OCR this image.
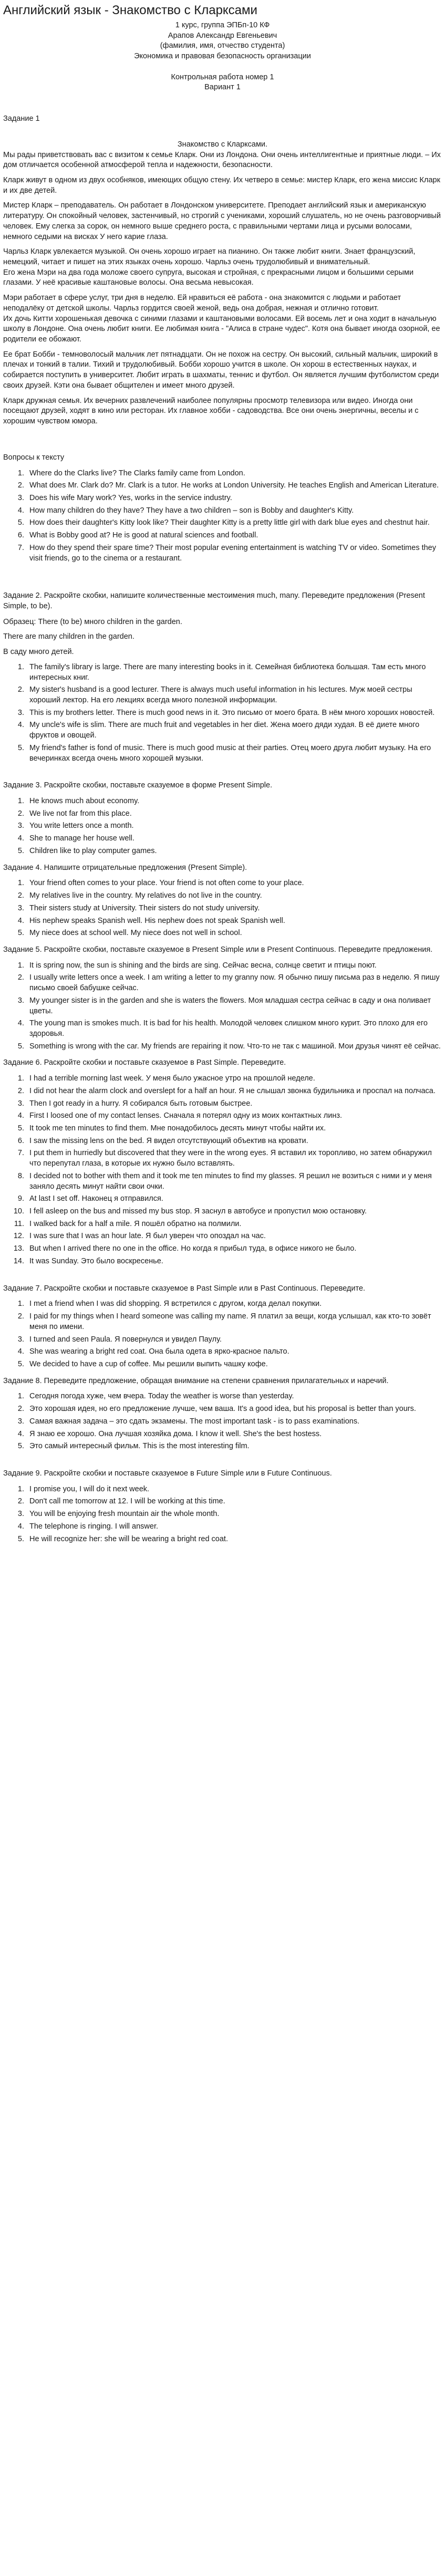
Английский язык - Знакомство с Кларксами

1 курс, группа ЭПБп-10 КФ

Арапов Александр Евгеньевич

(фамилия, имя, отчество студента)

Экономика и правовая безопасность организации

Контрольная работа номер 1

Вариант 1

Задание 1

Знакомство с Кларксами.

Мы рады приветствовать вас с визитом к семье Кларк. Они из Лондона. Они очень интеллигентные и приятные люди. – Их дом отличается особенной атмосферой тепла и надежности, безопасности.

Кларк живут в одном из двух особняков, имеющих общую стену. Их четверо в семье: мистер Кларк, его жена миссис Кларк и их две детей.

Мистер Кларк – преподаватель. Он работает в Лондонском университете. Преподает английский язык и американскую литературу. Он спокойный человек, застенчивый, но строгий с учениками, хороший слушатель, но не очень разговорчивый человек. Ему слегка за сорок, он немного выше среднего роста, с правильными чертами лица и русыми волосами, немного седыми на висках У него карие глаза.

Чарльз Кларк увлекается музыкой. Он очень хорошо играет на пианино. Он также любит книги. Знает французский, немецкий, читает и пишет на этих языках очень хорошо. Чарльз очень трудолюбивый и внимательный.
Его жена Мэри на два года моложе своего супруга, высокая и стройная, с прекрасными лицом и большими серыми глазами. У неё красивые каштановые волосы. Она весьма невысокая.

Мэри работает в сфере услуг, три дня в неделю. Ей нравиться её работа - она знакомится с людьми и работает неподалёку от детской школы. Чарльз гордится своей женой, ведь она добрая, нежная и отлично готовит.
Их дочь Китти хорошенькая девочка с синими глазами и каштановыми волосами. Ей восемь лет и она ходит в начальную школу в Лондоне. Она очень любит книги. Ее любимая книга - "Алиса в стране чудес". Котя она бывает иногда озорной, ее родители ее обожают.

Ее брат Бобби - темноволосый мальчик лет пятнадцати. Он не похож на сестру. Он высокий, сильный мальчик, широкий в плечах и тонкий в талии. Тихий и трудолюбивый. Бобби хорошо учится в школе. Он хорош в естественных науках, и собирается поступить в университет. Любит играть в шахматы, теннис и футбол. Он является лучшим футболистом среди своих друзей. Кэти она бывает общителен и имеет много друзей.

Кларк дружная семья. Их вечерних развлечений наиболее популярны просмотр телевизора или видео. Иногда они посещают друзей, ходят в кино или ресторан. Их главное хобби - садоводства. Все они очень энергичны, веселы и с хорошим чувством юмора.

Вопросы к тексту

1. Where do the Clarks live? The Clarks family came from London.
2. What does Mr. Clark do? Mr. Clark is a tutor. He works at London University. He teaches English and American Literature.
3. Does his wife Mary work? Yes, works in the service industry.
4. How many children do they have? They have a two children – son is Bobby and daughter's Kitty.
5. How does their daughter's Kitty look like? Their daughter Kitty is a pretty little girl with dark blue eyes and chestnut hair.
6. What is Bobby good at? He is good at natural sciences and football.
7. How do they spend their spare time? Their most popular evening entertainment is watching TV or video. Sometimes they visit friends, go to the cinema or a restaurant.

Задание 2. Раскройте скобки, напишите количественные местоимения much, many. Переведите предложения (Present Simple, to be).

Образец: There (to be) много children in the garden.

There are many children in the garden.

В саду много детей.

1. The family's library is large. There are many interesting books in it. Семейная библиотека большая. Там есть много интересных книг.
2. My sister's husband is a good lecturer. There is always much useful information in his lectures. Муж моей сестры хороший лектор. На его лекциях всегда много полезной информации.
3. This is my brothers letter. There is much good news in it. Это письмо от моего брата. В нём много хороших новостей.
4. My uncle's wife is slim. There are much fruit and vegetables in her diet. Жена моего дяди худая. В её диете много фруктов и овощей.
5. My friend's father is fond of music. There is much good music at their parties. Отец моего друга любит музыку. На его вечеринках всегда очень много хорошей музыки.

Задание 3. Раскройте скобки, поставьте сказуемое в форме Present Simple.

1. He knows much about economy.
2. We live not far from this place.
3. You write letters once a month.
4. She to manage her house well.
5. Children like to play computer games.

Задание 4. Напишите отрицательные предложения (Present Simple).

1. Your friend often comes to your place. Your friend is not often come to your place.
2. My relatives live in the country. My relatives do not live in the country.
3. Their sisters study at University. Their sisters do not study university.
4. His nephew speaks Spanish well. His nephew does not speak Spanish well.
5. My niece does at school well. My niece does not well in school.

Задание 5. Раскройте скобки, поставьте сказуемое в Present Simple или в Present Continuous. Переведите предложения.

1. It is spring now, the sun is shining and the birds are sing. Сейчас весна, солнце светит и птицы поют.
2. I usually write letters once a week. I am writing a letter to my granny now. Я обычно пишу письма раз в неделю. Я пишу письмо своей бабушке сейчас.
3. My younger sister is in the garden and she is waters the flowers. Моя младшая сестра сейчас в саду и она поливает цветы.
4. The young man is smokes much. It is bad for his health. Молодой человек слишком много курит. Это плохо для его здоровья.
5. Something is wrong with the car. My friends are repairing it now. Что-то не так с машиной. Мои друзья чинят её сейчас.

Задание 6. Раскройте скобки и поставьте сказуемое в Past Simple. Переведите.

1. I had a terrible morning last week. У меня было ужасное утро на прошлой неделе.
2. I did not hear the alarm clock and overslept for a half an hour. Я не слышал звонка будильника и проспал на полчаса.
3. Then I got ready in a hurry. Я собирался быть готовым быстрее.
4. First I loosed one of my contact lenses. Сначала я потерял одну из моих контактных линз.
5. It took me ten minutes to find them. Мне понадобилось десять минут чтобы найти их.
6. I saw the missing lens on the bed. Я видел отсутствующий объектив на кровати.
7. I put them in hurriedly but discovered that they were in the wrong eyes. Я вставил их торопливо, но затем обнаружил что перепутал глаза, в которые их нужно было вставлять.
8. I decided not to bother with them and it took me ten minutes to find my glasses. Я решил не возиться с ними и у меня заняло десять минут найти свои очки.
9. At last I set off. Наконец я отправился.
10. I fell asleep on the bus and missed my bus stop. Я заснул в автобусе и пропустил мою остановку.
11. I walked back for a half a mile. Я пошёл обратно на полмили.
12. I was sure that I was an hour late. Я был уверен что опоздал на час.
13. But when I arrived there no one in the office. Но когда я прибыл туда, в офисе никого не было.
14. It was Sunday. Это было воскресенье.

Задание 7. Раскройте скобки и поставьте сказуемое в Past Simple или в Past Continuous. Переведите.

1. I met a friend when I was did shopping. Я встретился с другом, когда делал покупки.
2. I paid for my things when I heard someone was calling my name. Я платил за вещи, когда услышал, как кто-то зовёт меня по имени.
3. I turned and seen Paula. Я повернулся и увидел Паулу.
4. She was wearing a bright red coat. Она была одета в ярко-красное пальто.
5. We decided to have a cup of coffee. Мы решили выпить чашку кофе.

Задание 8. Переведите предложение, обращая внимание на степени сравнения прилагательных и наречий.

1. Сегодня погода хуже, чем вчера. Today the weather is worse than yesterday.
2. Это хорошая идея, но его предложение лучше, чем ваша. It's a good idea, but his proposal is better than yours.
3. Самая важная задача – это сдать экзамены. The most important task - is to pass examinations.
4. Я знаю ее хорошо. Она лучшая хозяйка дома. I know it well. She's the best hostess.
5. Это самый интересный фильм. This is the most interesting film.

Задание 9. Раскройте скобки и поставьте сказуемое в Future Simple или в Future Continuous.

1. I promise you, I will do it next week.
2. Don't call me tomorrow at 12. I will be working at this time.
3. You will be enjoying fresh mountain air the whole month.
4. The telephone is ringing. I will answer.
5. He will recognize her: she will be wearing a bright red coat.
